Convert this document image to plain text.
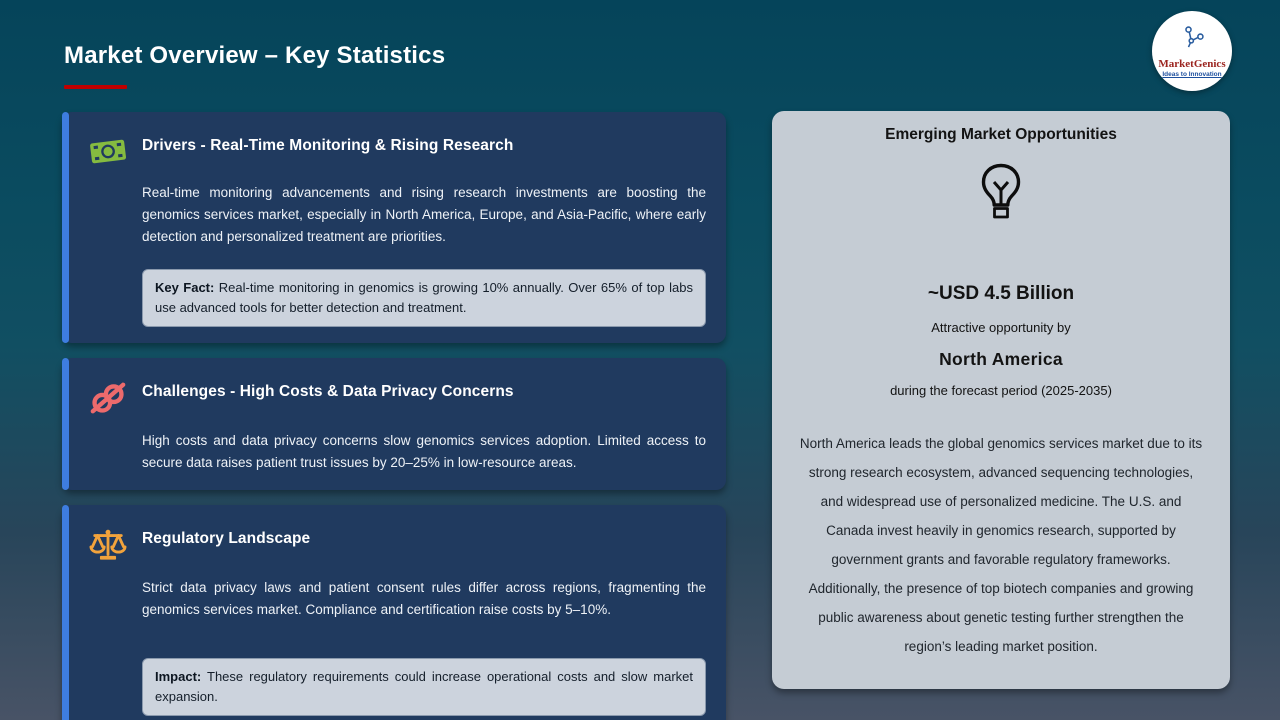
Market Overview – Key Statistics	MarketGenics
Ideas to Innovation
Drivers - Real-Time Monitoring & Rising Research

Real-time monitoring advancements and rising research investments are boosting the genomics services market, especially in North America, Europe, and Asia-Pacific, where early detection and personalized treatment are priorities.

Key Fact: Real-time monitoring in genomics is growing 10% annually. Over 65% of top labs use advanced tools for better detection and treatment.
Challenges - High Costs & Data Privacy Concerns

High costs and data privacy concerns slow genomics services adoption. Limited access to secure data raises patient trust issues by 20–25% in low-resource areas.

Regulatory Landscape

Strict data privacy laws and patient consent rules differ across regions, fragmenting the genomics services market. Compliance and certification raise costs by 5–10%.

Impact: These regulatory requirements could increase operational costs and slow market expansion.
Emerging Market Opportunities
~USD 4.5 Billion
Attractive opportunity by
North America
during the forecast period (2025-2035)

North America leads the global genomics services market due to its strong research ecosystem, advanced sequencing technologies, and widespread use of personalized medicine. The U.S. and Canada invest heavily in genomics research, supported by government grants and favorable regulatory frameworks. Additionally, the presence of top biotech companies and growing public awareness about genetic testing further strengthen the region’s leading market position.
